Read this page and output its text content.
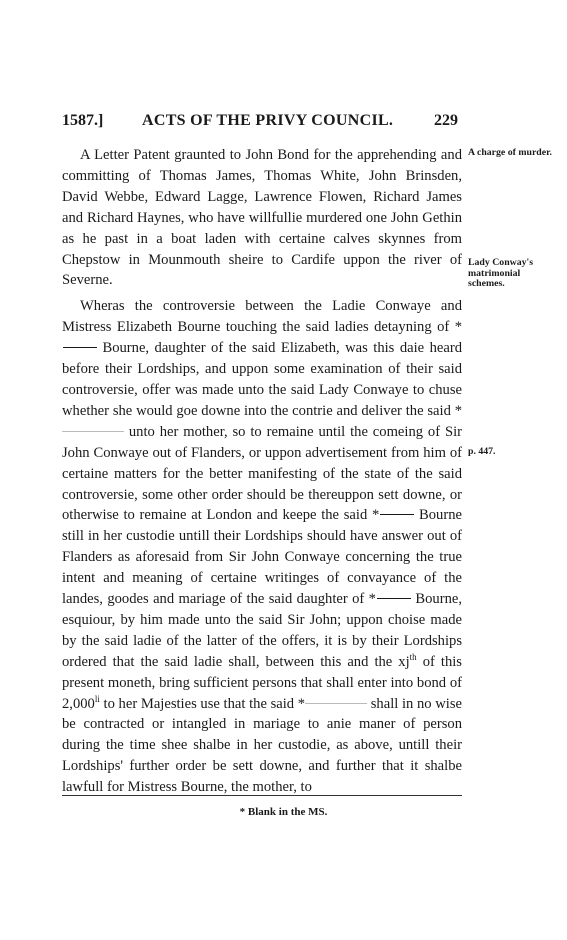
1587.] ACTS OF THE PRIVY COUNCIL.	229

A Letter Patent graunted to John Bond for the apprehending and committing of Thomas James, Thomas White, John Brinsden, David Webbe, Edward Lagge, Lawrence Flowen, Richard James and Richard Haynes, who have willfullie murdered one John Gethin as he past in a boat laden with certaine calves skynnes from Chepstow in Mounmouth sheire to Cardife uppon the river of Severne.

Wheras the controversie between the Ladie Conwaye and Mistress Elizabeth Bourne touching the said ladies detayning of * Bourne, daughter of the said Elizabeth, was this daie heard before their Lordships, and uppon some examination of their said controversie, offer was made unto the said Lady Conwaye to chuse whether she would goe downe into the contrie and deliver the said * unto her mother, so to remaine until the comeing of Sir John Conwaye out of Flanders, or uppon advertisement from him of certaine matters for the better manifesting of the state of the said controversie, some other order should be thereuppon sett downe, or otherwise to remaine at London and keepe the said * Bourne still in her custodie untill their Lordships should have answer out of Flanders as aforesaid from Sir John Conwaye concerning the true intent and meaning of certaine writinges of convayance of the landes, goodes and mariage of the said daughter of * Bourne, esquiour, by him made unto the said Sir John; uppon choise made by the said ladie of the latter of the offers, it is by their Lordships ordered that the said ladie shall, between this and the $xj^{th}$ of this present moneth, bring sufficient persons that shall enter into bond of $2,000^{li}$ to her Majesties use that the said *	shall in no wise be contracted or intangled in mariage to anie maner of person during the time shee shalbe in her custodie, as above, untill their Lordships' further order be sett downe, and further that it shalbe lawfull for Mistress Bourne, the mother, to

A charge of murder.
Lady Conway's matrimonial schemes.
p. 447.
* Blank in the MS.
